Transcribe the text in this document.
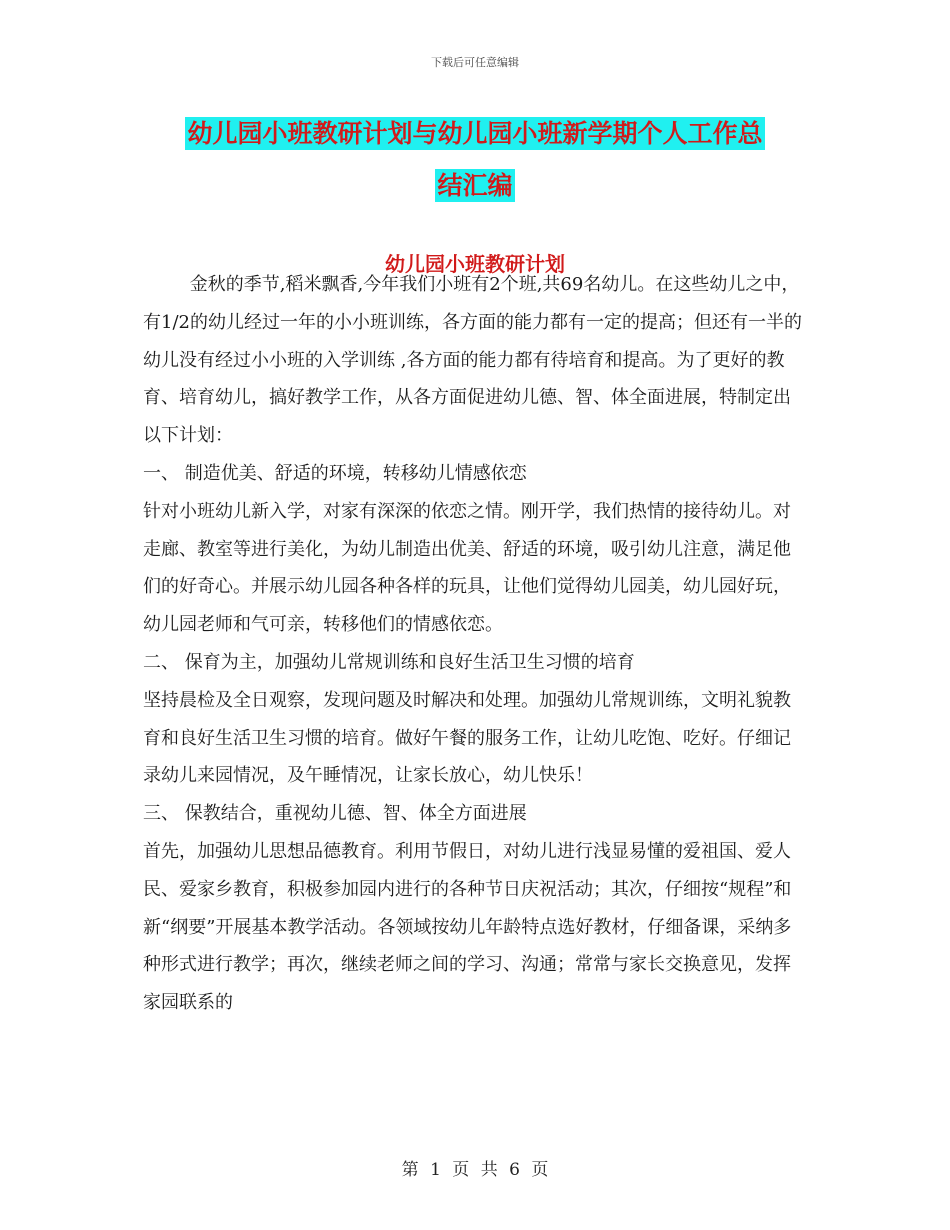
下载后可任意编辑
幼儿园小班教研计划与幼儿园小班新学期个人工作总
结汇编
幼儿园小班教研计划

金秋的季节,稻米飘香,今年我们小班有2个班,共69名幼儿。在这些幼儿之中，有1/2的幼儿经过一年的小小班训练，各方面的能力都有一定的提高；但还有一半的幼儿没有经过小小班的入学训练 ,各方面的能力都有待培育和提高。为了更好的教育、培育幼儿，搞好教学工作，从各方面促进幼儿德、智、体全面进展，特制定出以下计划：

一、 制造优美、舒适的环境，转移幼儿情感依恋

针对小班幼儿新入学，对家有深深的依恋之情。刚开学，我们热情的接待幼儿。对走廊、教室等进行美化，为幼儿制造出优美、舒适的环境，吸引幼儿注意，满足他们的好奇心。并展示幼儿园各种各样的玩具，让他们觉得幼儿园美，幼儿园好玩，幼儿园老师和气可亲，转移他们的情感依恋。

二、 保育为主，加强幼儿常规训练和良好生活卫生习惯的培育

坚持晨检及全日观察，发现问题及时解决和处理。加强幼儿常规训练，文明礼貌教育和良好生活卫生习惯的培育。做好午餐的服务工作，让幼儿吃饱、吃好。仔细记录幼儿来园情况，及午睡情况，让家长放心，幼儿快乐！

三、 保教结合，重视幼儿德、智、体全方面进展

首先，加强幼儿思想品德教育。利用节假日，对幼儿进行浅显易懂的爱祖国、爱人民、爱家乡教育，积极参加园内进行的各种节日庆祝活动；其次，仔细按“规程”和新“纲要”开展基本教学活动。各领域按幼儿年龄特点选好教材，仔细备课，采纳多种形式进行教学；再次，继续老师之间的学习、沟通；常常与家长交换意见，发挥家园联系的

第 1 页 共 6 页
